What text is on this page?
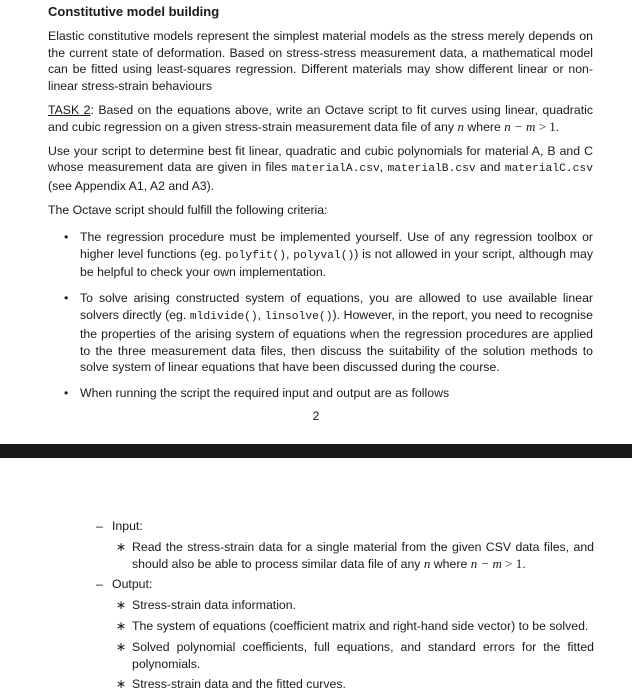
Constitutive model building

Elastic constitutive models represent the simplest material models as the stress merely depends on the current state of deformation. Based on stress-stress measurement data, a mathematical model can be fitted using least-squares regression. Different materials may show different linear or non-linear stress-strain behaviours

TASK 2: Based on the equations above, write an Octave script to fit curves using linear, quadratic and cubic regression on a given stress-strain measurement data file of any n where n − m > 1.

Use your script to determine best fit linear, quadratic and cubic polynomials for material A, B and C whose measurement data are given in files materialA.csv, materialB.csv and materialC.csv (see Appendix A1, A2 and A3).

The Octave script should fulfill the following criteria:

• The regression procedure must be implemented yourself. Use of any regression toolbox or higher level functions (eg. polyfit(), polyval()) is not allowed in your script, although may be helpful to check your own implementation.
• To solve arising constructed system of equations, you are allowed to use available linear solvers directly (eg. mldivide(), linsolve()). However, in the report, you need to recognise the properties of the arising system of equations when the regression procedures are applied to the three measurement data files, then discuss the suitability of the solution methods to solve system of linear equations that have been discussed during the course.
• When running the script the required input and output are as follows
2
– Input:
∗ Read the stress-strain data for a single material from the given CSV data files, and should also be able to process similar data file of any n where n − m > 1.
– Output:
∗ Stress-strain data information.
∗ The system of equations (coefficient matrix and right-hand side vector) to be solved.
∗ Solved polynomial coefficients, full equations, and standard errors for the fitted polynomials.
∗ Stress-strain data and the fitted curves.
